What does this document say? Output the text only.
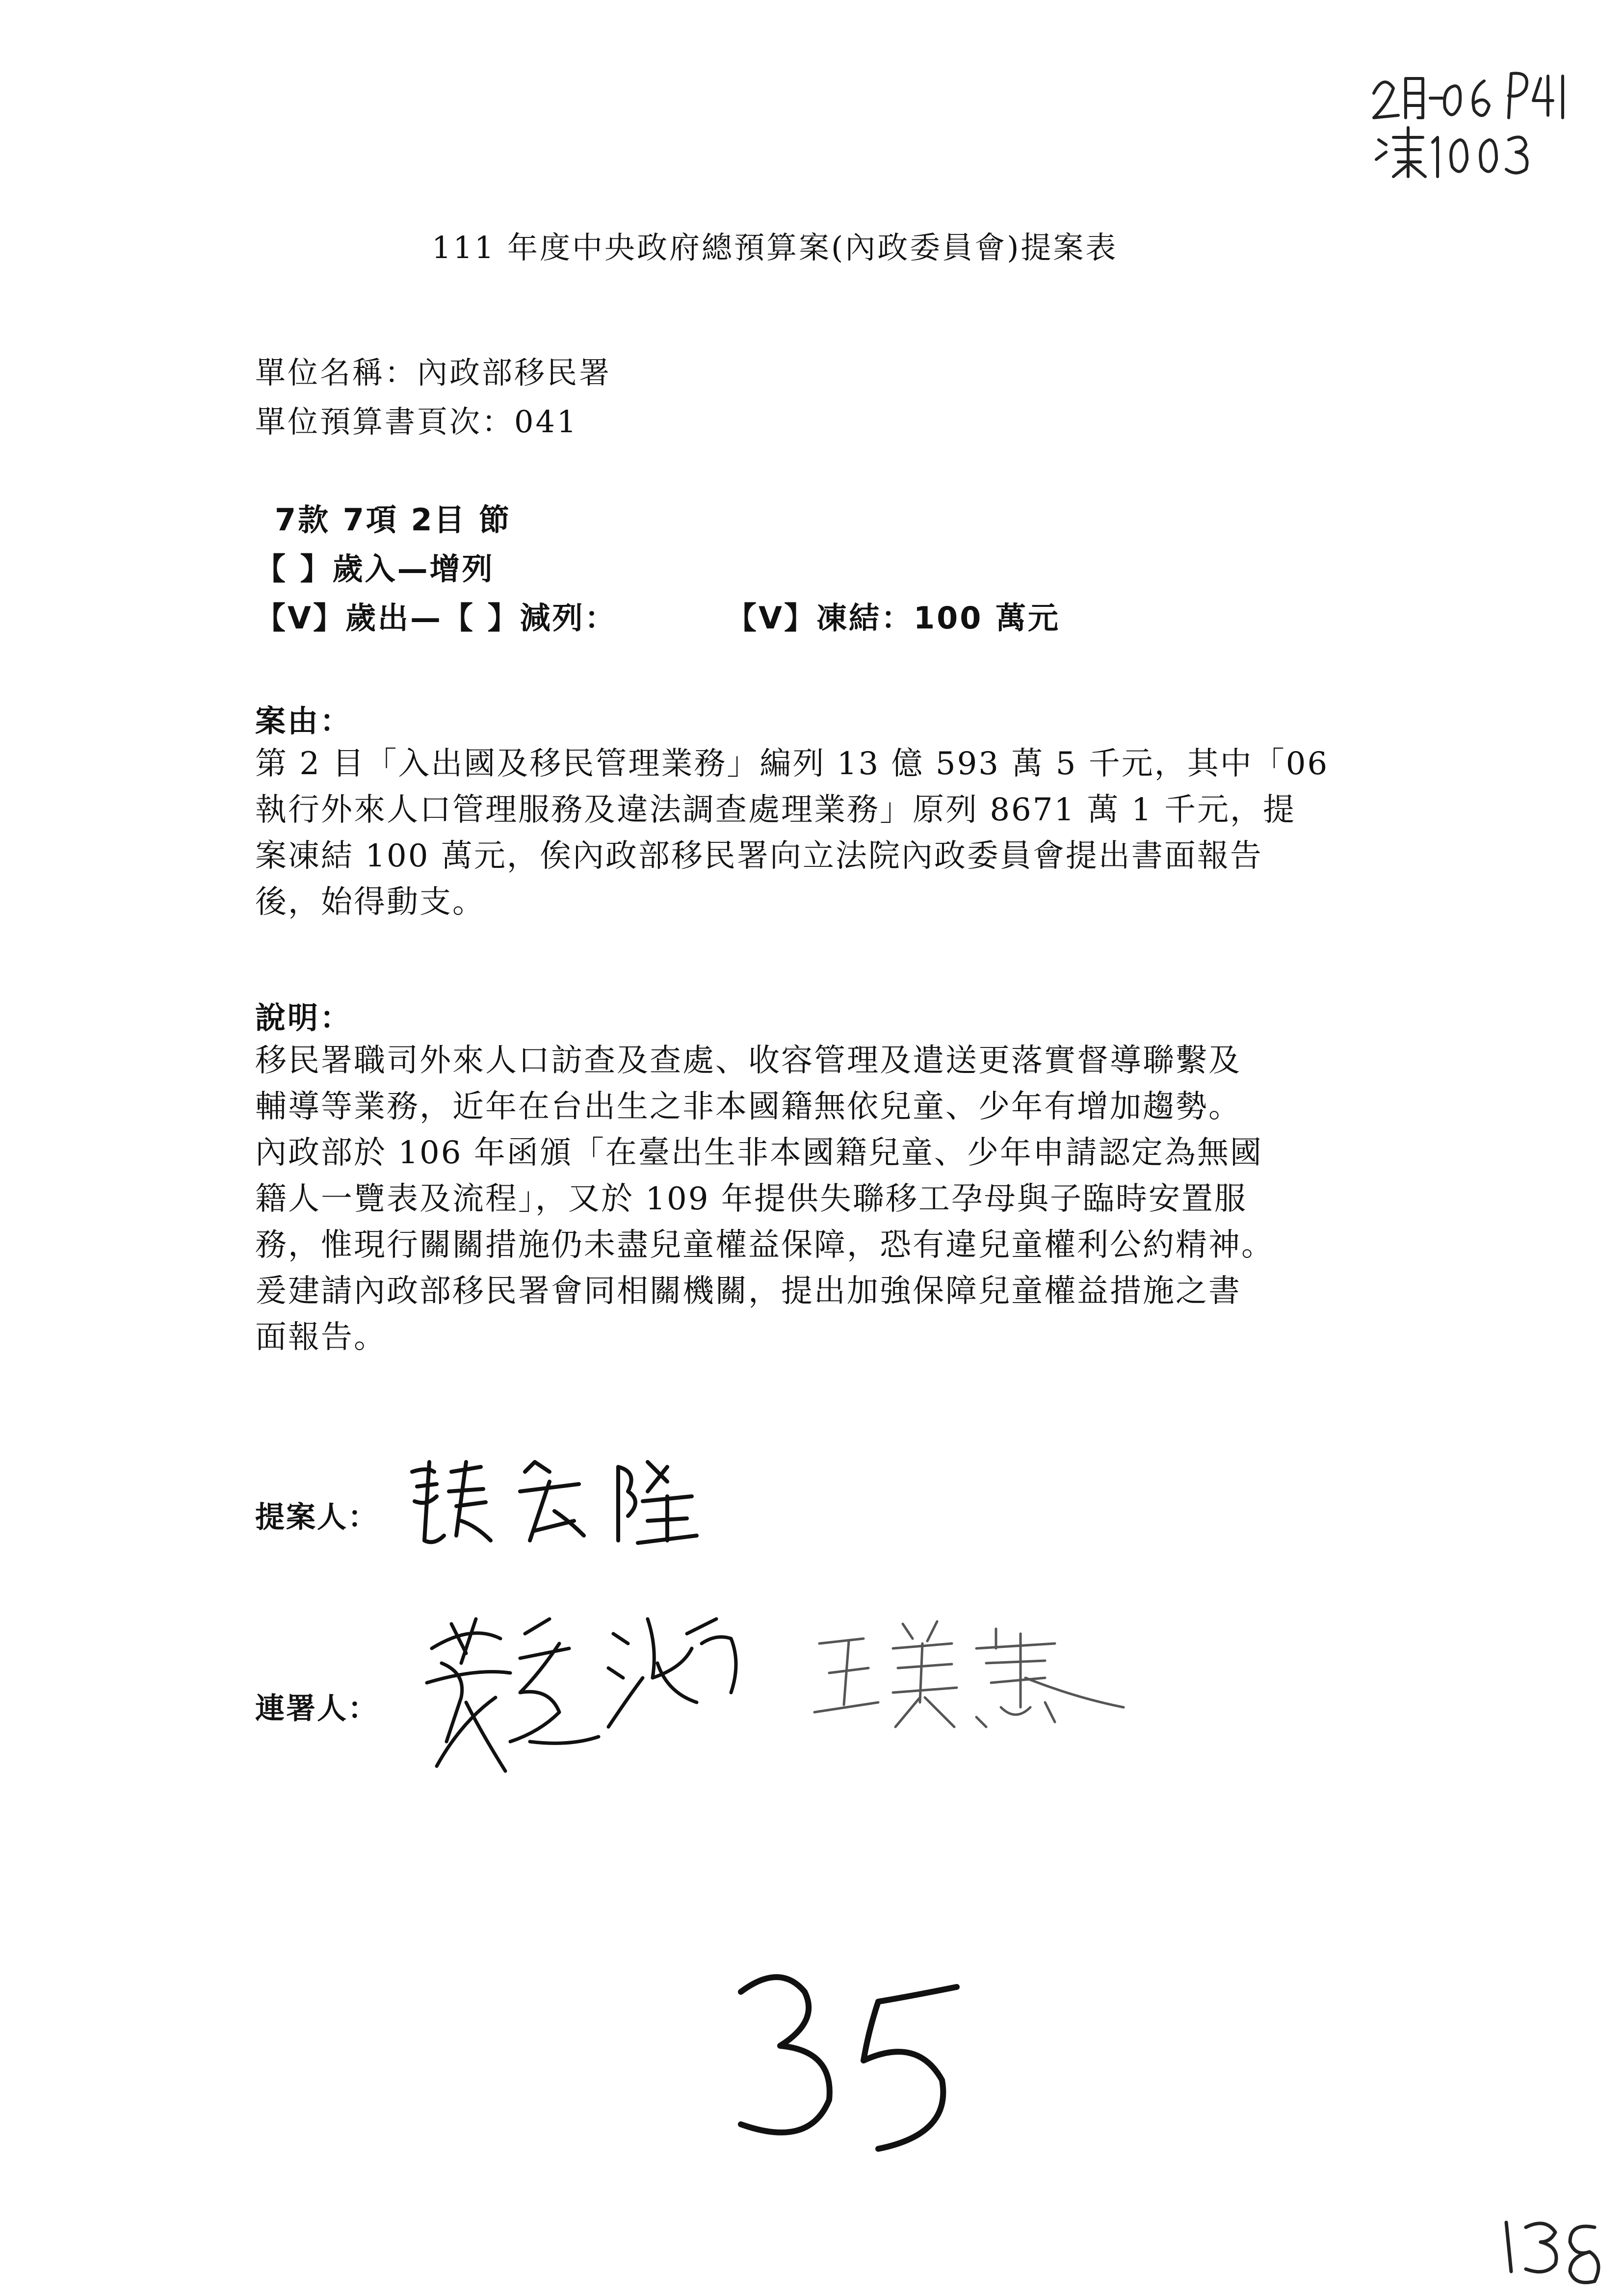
111 年度中央政府總預算案(內政委員會)提案表
單位名稱：內政部移民署
單位預算書頁次：041
7款 7項 2目 節
【 】歲入—增列
【V】歲出—【 】減列：	【V】凍結：100 萬元
案由：
第 2 目「入出國及移民管理業務」編列 13 億 593 萬 5 千元，其中「06
執行外來人口管理服務及違法調查處理業務」原列 8671 萬 1 千元，提
案凍結 100 萬元，俟內政部移民署向立法院內政委員會提出書面報告
後，始得動支。
說明：
移民署職司外來人口訪查及查處、收容管理及遣送更落實督導聯繫及
輔導等業務，近年在台出生之非本國籍無依兒童、少年有增加趨勢。
內政部於 106 年函頒「在臺出生非本國籍兒童、少年申請認定為無國
籍人一覽表及流程」，又於 109 年提供失聯移工孕母與子臨時安置服
務，惟現行關關措施仍未盡兒童權益保障，恐有違兒童權利公約精神。
爰建請內政部移民署會同相關機關，提出加強保障兒童權益措施之書
面報告。
提案人：
連署人：
